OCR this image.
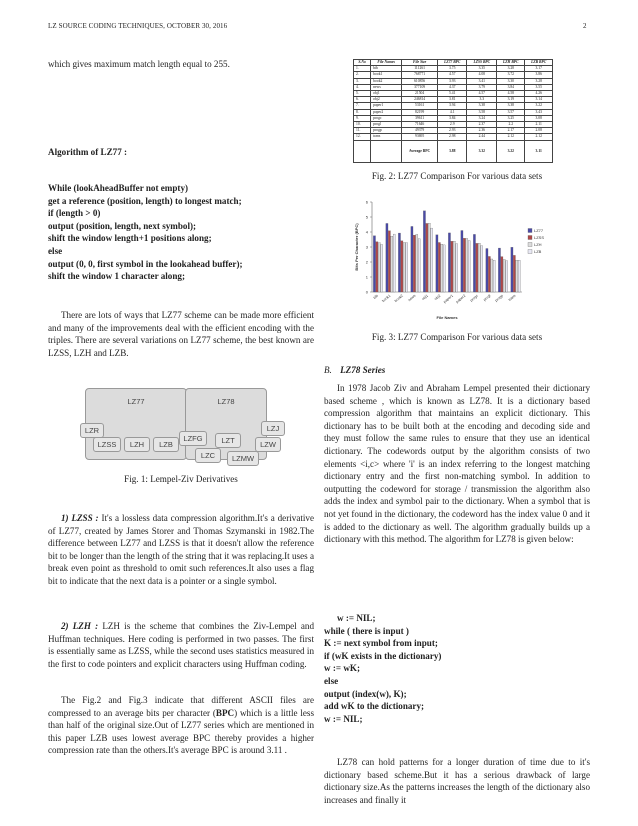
LZ SOURCE CODING TECHNIQUES, OCTOBER 30, 2016	2

which gives maximum match length equal to 255.

Algorithm of LZ77 :
While (lookAheadBuffer not empty)
get a reference (position, length) to longest match;
if (length > 0)
output (position, length, next symbol);
shift the window length+1 positions along;
else
output (0, 0, first symbol in the lookahead buffer);
shift the window 1 character along;

There are lots of ways that LZ77 scheme can be made more efficient and many of the improvements deal with the efficient encoding with the triples. There are several variations on LZ77 scheme, the best known are LZSS, LZH and LZB.

LZ77
LZR
LZSS	LZH	LZB
LZ78
LZFG	LZT
LZC	LZMW
LZJ
LZW
Fig. 1: Lempel-Ziv Derivatives

1) LZSS : It's a lossless data compression algorithm.It's a derivative of LZ77, created by James Storer and Thomas Szymanski in 1982.The difference between LZ77 and LZSS is that it doesn't allow the reference bit to be longer than the length of the string that it was replacing.It uses a break even point as threshold to omit such references.It also uses a flag bit to indicate that the next data is a pointer or a single symbol.

2) LZH : LZH is the scheme that combines the Ziv-Lempel and Huffman techniques. Here coding is performed in two passes. The first is essentially same as LZSS, while the second uses statistics measured in the first to code pointers and explicit characters using Huffman coding.

The Fig.2 and Fig.3 indicate that different ASCII files are compressed to an average bits per character (BPC) which is a little less than half of the original size.Out of LZ77 series which are mentioned in this paper LZB uses lowest average BPC thereby provides a higher compression rate than the others.It's average BPC is around 3.11 .

S.No	File Names	File Size	LZ77 BPC	LZSS BPC	LZH BPC	LZB BPC
1.	bib	111261	3.75	3.35	3.28	3.17
2.	book1	768771	4.57	4.08	3.72	3.86
3.	book2	610856	3.93	3.41	3.30	3.28
4.	news	377109	4.37	3.79	3.84	3.55
5.	obj1	21504	5.41	4.57	4.58	4.26
6.	obj2	246814	3.81	3.3	3.19	3.14
7.	paper1	53161	3.94	3.38	3.38	3.22
8.	paper2	82199	4.1	3.58	3.57	3.43
9.	progc	39611	3.84	3.24	3.25	3.08
10.	progl	71646	2.9	2.37	2.2	2.11
11.	progp	49379	2.93	2.36	2.17	2.08
12.	trans	93695	2.98	2.44	2.12	2.12
		Average BPC	3.88	3.32	3.22	3.11
Fig. 2: LZ77 Comparison For various data sets
0
1
2
3
4
5
6
Bits Per Character (BPC)
bib book1 book2 news obj1 obj2 paper1 paper2 progc progl progp trans
File Names
LZ77
LZSS
LZH
LZB
Fig. 3: LZ77 Comparison For various data sets
B. LZ78 Series

In 1978 Jacob Ziv and Abraham Lempel presented their dictionary based scheme , which is known as LZ78. It is a dictionary based compression algorithm that maintains an explicit dictionary. This dictionary has to be built both at the encoding and decoding side and they must follow the same rules to ensure that they use an identical dictionary. The codewords output by the algorithm consists of two elements <i,c> where 'i' is an index referring to the longest matching dictionary entry and the first non-matching symbol. In addition to outputting the codeword for storage / transmission the algorithm also adds the index and symbol pair to the dictionary. When a symbol that is not yet found in the dictionary, the codeword has the index value 0 and it is added to the dictionary as well. The algorithm gradually builds up a dictionary with this method. The algorithm for LZ78 is given below:

w := NIL;
while ( there is input )
K := next symbol from input;
if (wK exists in the dictionary)
w := wK;
else
output (index(w), K);
add wK to the dictionary;
w := NIL;

LZ78 can hold patterns for a longer duration of time due to it's dictionary based scheme.But it has a serious drawback of large dictionary size.As the patterns increases the length of the dictionary also increases and finally it
